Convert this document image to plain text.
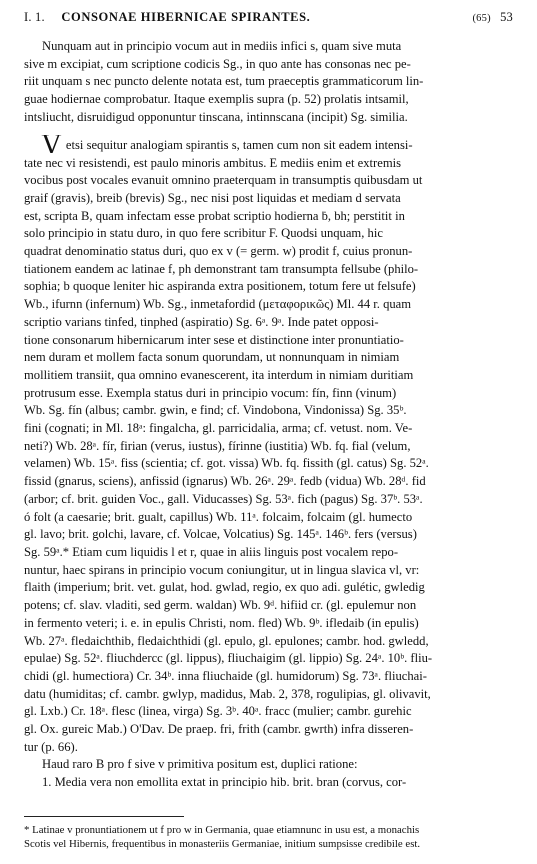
I. 1. CONSONAE HIBERNICAE SPIRANTES.	(65) 53
Nunquam aut in principio vocum aut in mediis infici s, quam sive muta
sive m excipiat, cum scriptione codicis Sg., in quo ante has consonas nec pe-
riit unquam s nec puncto delente notata est, tum praeceptis grammaticorum lin-
guae hodiernae comprobatur. Itaque exemplis supra (p. 52) prolatis intsamil,
intsliucht, disruidigud opponuntur tinscana, intinnscana (incipit) Sg. similia.
V etsi sequitur analogiam spirantis s, tamen cum non sit eadem intensi-
tate nec vi resistendi, est paulo minoris ambitus. E mediis enim et extremis
vocibus post vocales evanuit omnino praeterquam in transumptis quibusdam ut
graif (gravis), breib (brevis) Sg., nec nisi post liquidas et mediam d servata
est, scripta B, quam infectam esse probat scriptio hodierna ḃ, bh; perstitit in
solo principio in statu duro, in quo fere scribitur F. Quodsi unquam, hic
quadrat denominatio status duri, quo ex v (= germ. w) prodit f, cuius pronun-
tiationem eandem ac latinae f, ph demonstrant tam transumpta fellsube (philo-
sophia; b quoque leniter hic aspiranda extra positionem, totum fere ut felsufe)
Wb., ifurnn (infernum) Wb. Sg., inmetafordid (μεταφορικῶς) Ml. 44 r. quam
scriptio varians tinfed, tinphed (aspiratio) Sg. 6ᵃ. 9ᵃ. Inde patet opposi-
tione consonarum hibernicarum inter sese et distinctione inter pronuntiatio-
nem duram et mollem facta sonum quorundam, ut nonnunquam in nimiam
mollitiem transiit, qua omnino evanescerent, ita interdum in nimiam duritiam
protrusum esse. Exempla status duri in principio vocum: fín, finn (vinum)
Wb. Sg. fín (albus; cambr. gwin, e find; cf. Vindobona, Vindonissa) Sg. 35ᵇ.
fini (cognati; in Ml. 18ᵃ: fingalcha, gl. parricidalia, arma; cf. vetust. nom. Ve-
neti?) Wb. 28ᵃ. fír, firian (verus, iustus), fírinne (iustitia) Wb. fq. fial (velum,
velamen) Wb. 15ᵃ. fiss (scientia; cf. got. vissa) Wb. fq. fissith (gl. catus) Sg. 52ᵃ.
fissid (gnarus, sciens), anfissid (ignarus) Wb. 26ᵃ. 29ᵃ. fedb (vidua) Wb. 28ᵈ. fid
(arbor; cf. brit. guiden Voc., gall. Viducasses) Sg. 53ᵃ. fich (pagus) Sg. 37ᵇ. 53ᵃ.
ó folt (a caesarie; brit. gualt, capillus) Wb. 11ᵃ. folcaim, folcaim (gl. humecto
gl. lavo; brit. golchi, lavare, cf. Volcae, Volcatius) Sg. 145ᵃ. 146ᵇ. fers (versus)
Sg. 59ᵃ.* Etiam cum liquidis l et r, quae in aliis linguis post vocalem repo-
nuntur, haec spirans in principio vocum coniungitur, ut in lingua slavica vl, vr:
flaith (imperium; brit. vet. gulat, hod. gwlad, regio, ex quo adi. gulétic, gwledig
potens; cf. slav. vladiti, sed germ. waldan) Wb. 9ᵈ. hifiid cr. (gl. epulemur non
in fermento veteri; i. e. in epulis Christi, nom. fled) Wb. 9ᵇ. ifledaib (in epulis)
Wb. 27ᵃ. fledaichthib, fledaichthidi (gl. epulo, gl. epulones; cambr. hod. gwledd,
epulae) Sg. 52ᵃ. fliuchdercc (gl. lippus), fliuchaigim (gl. lippio) Sg. 24ᵃ. 10ᵇ. fliu-
chidi (gl. humectiora) Cr. 34ᵇ. inna fliuchaide (gl. humidorum) Sg. 73ᵃ. fliuchai-
datu (humiditas; cf. cambr. gwlyp, madidus, Mab. 2, 378, rogulipias, gl. olivavit,
gl. Lxb.) Cr. 18ᵃ. flesc (linea, virga) Sg. 3ᵇ. 40ᵃ. fracc (mulier; cambr. gurehic
gl. Ox. gureic Mab.) O'Dav. De praep. fri, frith (cambr. gwrth) infra disseren-
tur (p. 66).
Haud raro B pro f sive v primitiva positum est, duplici ratione:
1. Media vera non emollita extat in principio hib. brit. bran (corvus, cor-
* Latinae v pronuntiationem ut f pro w in Germania, quae etiamnunc in usu est, a monachis
Scotis vel Hibernis, frequentibus in monasteriis Germaniae, initium sumpsisse credibile est.
